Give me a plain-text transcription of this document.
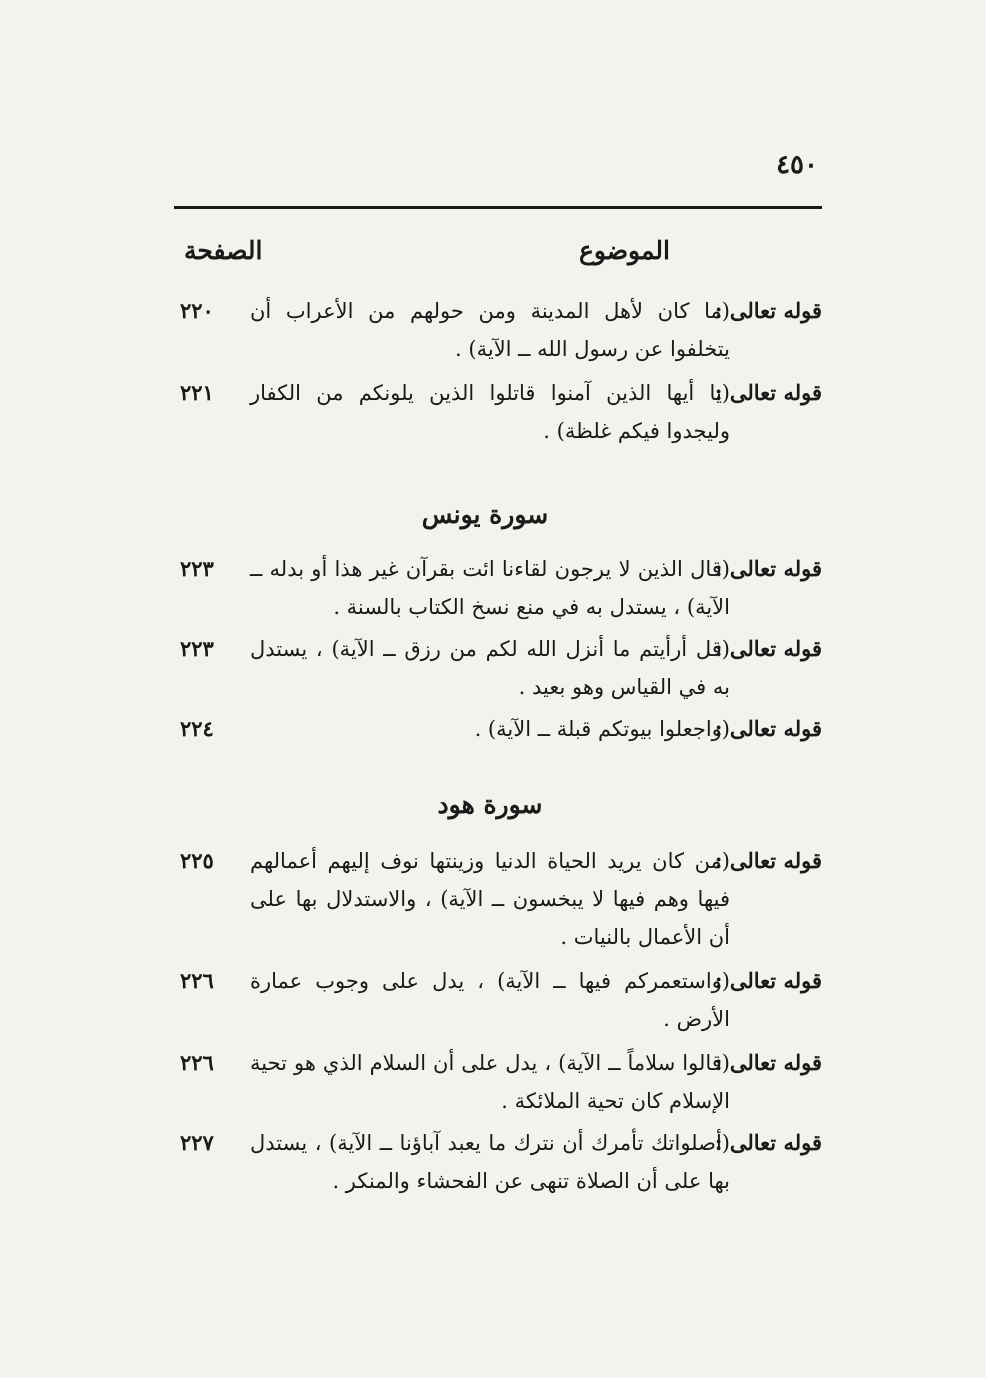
٤٥٠
الموضوع
الصفحة
قوله تعالى :
(ما كان لأهل المدينة ومن حولهم من الأعراب أن يتخلفوا عن رسول الله ــ الآية) .
٢٢٠
قوله تعالى :
(يا أيها الذين آمنوا قاتلوا الذين يلونكم من الكفار وليجدوا فيكم غلظة) .
٢٢١
سورة يونس
قوله تعالى :
(قال الذين لا يرجون لقاءنا ائت بقرآن غير هذا أو بدله ــ الآية) ، يستدل به في منع نسخ الكتاب بالسنة .
٢٢٣
قوله تعالى :
(قل أرأيتم ما أنزل الله لكم من رزق ــ الآية) ، يستدل به في القياس وهو بعيد .
٢٢٣
قوله تعالى :
(واجعلوا بيوتكم قبلة ــ الآية) .
٢٢٤
سورة هود
قوله تعالى :
(من كان يريد الحياة الدنيا وزينتها نوف إليهم أعمالهم فيها وهم فيها لا يبخسون ــ الآية) ، والاستدلال بها على أن الأعمال بالنيات .
٢٢٥
قوله تعالى :
(واستعمركم فيها ــ الآية) ، يدل على وجوب عمارة الأرض .
٢٢٦
قوله تعالى :
(قالوا سلاماً ــ الآية) ، يدل على أن السلام الذي هو تحية الإسلام كان تحية الملائكة .
٢٢٦
قوله تعالى :
(أصلواتك تأمرك أن نترك ما يعبد آباؤنا ــ الآية) ، يستدل بها على أن الصلاة تنهى عن الفحشاء والمنكر .
٢٢٧
